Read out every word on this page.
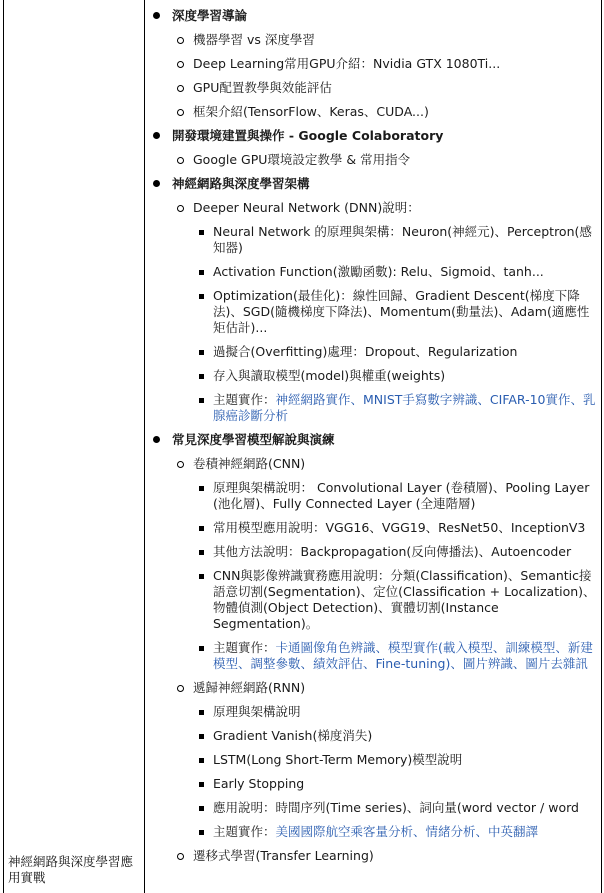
神經網路與深度學習應用實戰
深度學習導論
機器學習 vs 深度學習
Deep Learning常用GPU介紹：Nvidia GTX 1080Ti...
GPU配置教學與效能評估
框架介紹(TensorFlow、Keras、CUDA...)
開發環境建置與操作 - Google Colaboratory
Google GPU環境設定教學 & 常用指令
神經網路與深度學習架構
Deeper Neural Network (DNN)說明：
Neural Network 的原理與架構：Neuron(神經元)、Perceptron(感知器)
Activation Function(激勵函數): Relu、Sigmoid、tanh...
Optimization(最佳化)：線性回歸、Gradient Descent(梯度下降法)、SGD(隨機梯度下降法)、Momentum(動量法)、Adam(適應性矩估計)...
過擬合(Overfitting)處理：Dropout、Regularization
存入與讀取模型(model)與權重(weights)
主題實作：神經網路實作、MNIST手寫數字辨識、CIFAR-10實作、乳腺癌診斷分析
常見深度學習模型解說與演練
卷積神經網路(CNN)
原理與架構說明： Convolutional Layer (卷積層)、Pooling Layer (池化層)、Fully Connected Layer (全連階層)
常用模型應用說明：VGG16、VGG19、ResNet50、InceptionV3
其他方法說明：Backpropagation(反向傳播法)、Autoencoder
CNN與影像辨識實務應用說明：分類(Classification)、Semantic接語意切割(Segmentation)、定位(Classification + Localization)、物體偵測(Object Detection)、實體切割(Instance Segmentation)。
主題實作：卡通圖像角色辨識、模型實作(載入模型、訓練模型、新建模型、調整參數、績效評估、Fine-tuning)、圖片辨識、圖片去雜訊
遞歸神經網路(RNN)
原理與架構說明
Gradient Vanish(梯度消失)
LSTM(Long Short-Term Memory)模型說明
Early Stopping
應用說明：時間序列(Time series)、詞向量(word vector / word
主題實作：美國國際航空乘客量分析、情緒分析、中英翻譯
遷移式學習(Transfer Learning)
